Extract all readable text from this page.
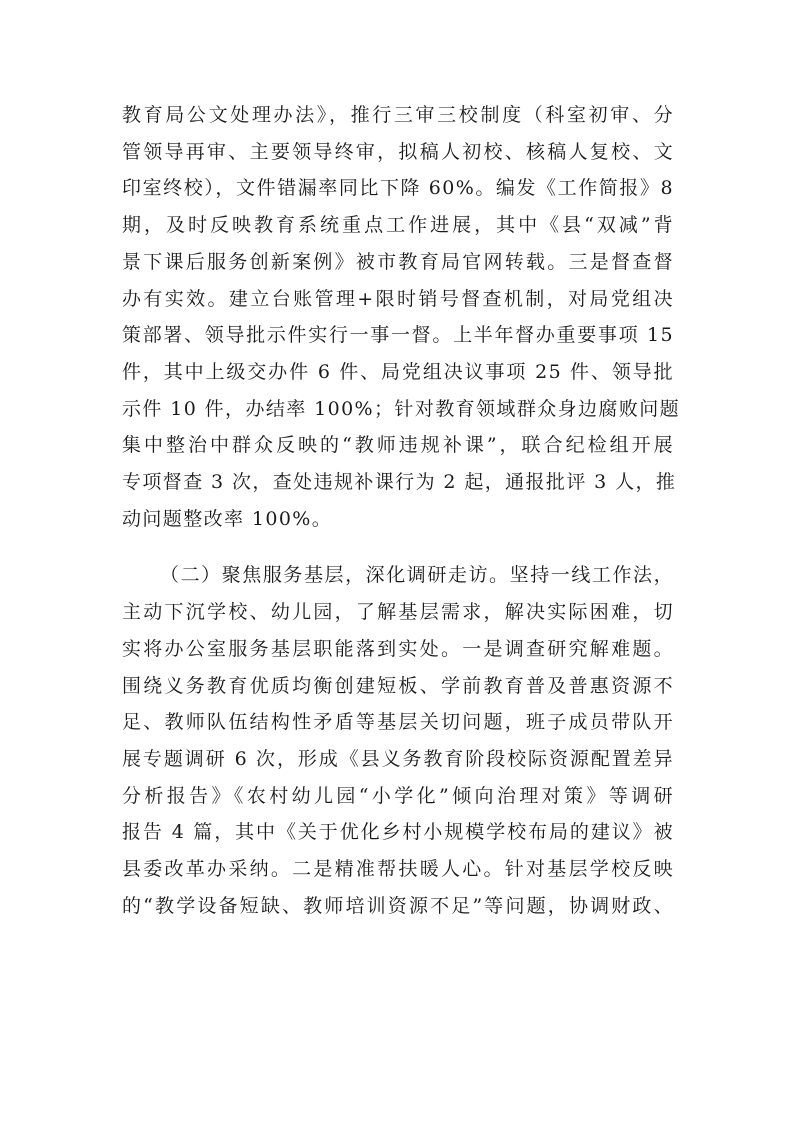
教育局公文处理办法》，推行三审三校制度（科室初审、分
管领导再审、主要领导终审，拟稿人初校、核稿人复校、文
印室终校），文件错漏率同比下降 60%。编发《工作简报》8
期，及时反映教育系统重点工作进展，其中《县“双减”背
景下课后服务创新案例》被市教育局官网转载。三是督查督
办有实效。建立台账管理+限时销号督查机制，对局党组决
策部署、领导批示件实行一事一督。上半年督办重要事项 15
件，其中上级交办件 6 件、局党组决议事项 25 件、领导批
示件 10 件，办结率 100%；针对教育领域群众身边腐败问题
集中整治中群众反映的“教师违规补课”，联合纪检组开展
专项督查 3 次，查处违规补课行为 2 起，通报批评 3 人，推
动问题整改率 100%。
（二）聚焦服务基层，深化调研走访。坚持一线工作法，
主动下沉学校、幼儿园，了解基层需求，解决实际困难，切
实将办公室服务基层职能落到实处。一是调查研究解难题。
围绕义务教育优质均衡创建短板、学前教育普及普惠资源不
足、教师队伍结构性矛盾等基层关切问题，班子成员带队开
展专题调研 6 次，形成《县义务教育阶段校际资源配置差异
分析报告》《农村幼儿园“小学化”倾向治理对策》等调研
报告 4 篇，其中《关于优化乡村小规模学校布局的建议》被
县委改革办采纳。二是精准帮扶暖人心。针对基层学校反映
的“教学设备短缺、教师培训资源不足”等问题，协调财政、
